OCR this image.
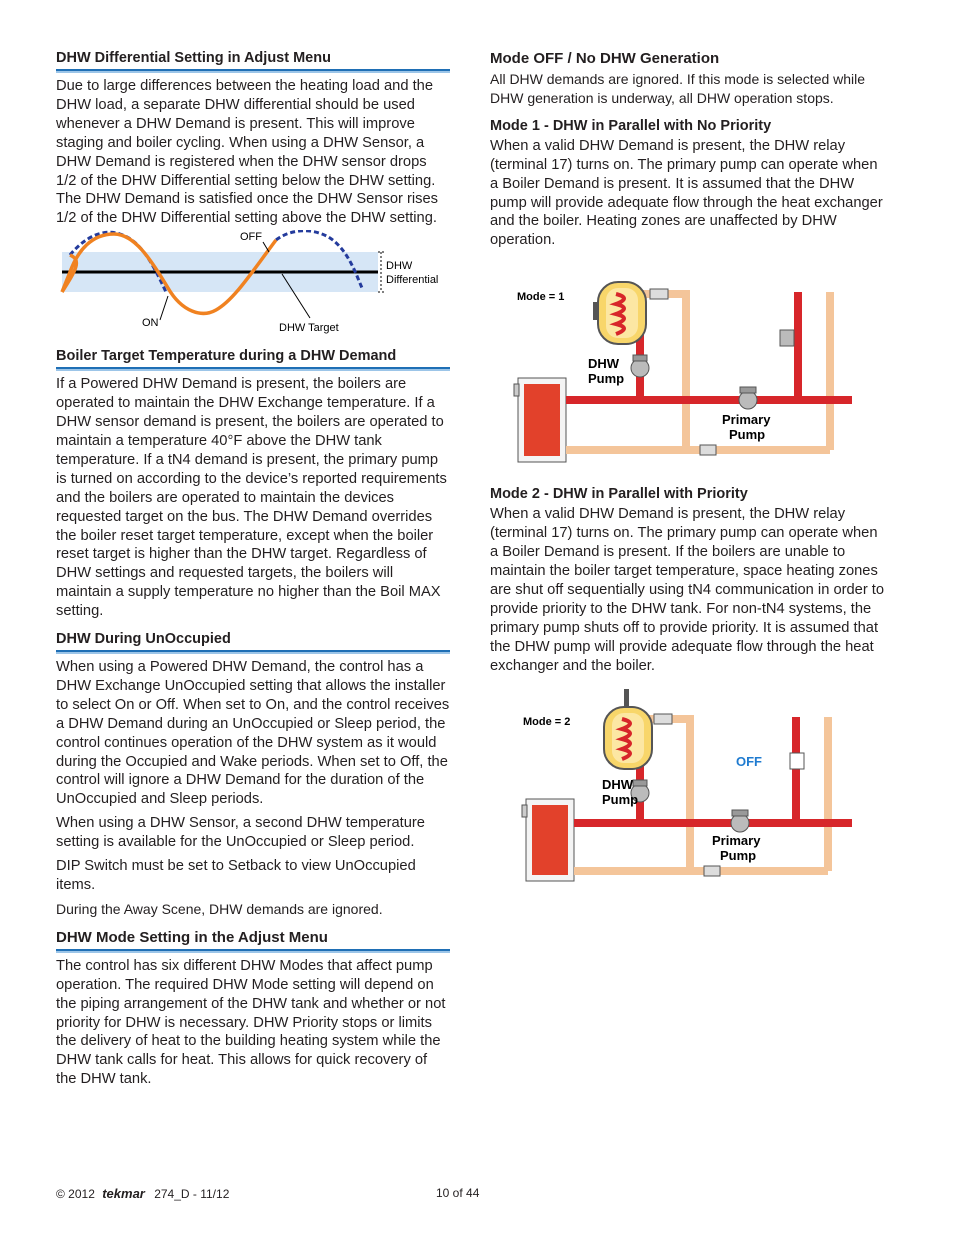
DHW Differential Setting in Adjust Menu

Due to large differences between the heating load and the DHW load, a separate DHW differential should be used whenever a DHW Demand is present. This will improve staging and boiler cycling. When using a DHW Sensor, a DHW Demand is registered when the DHW sensor drops 1/2 of the DHW Differential setting below the DHW setting. The DHW Demand is satisfied once the DHW Sensor rises 1/2 of the DHW Differential setting above the DHW setting.

OFF
ON
DHW
Differential
DHW Target
Boiler Target Temperature during a DHW Demand

If a Powered DHW Demand is present, the boilers are operated to maintain the DHW Exchange temperature. If a DHW sensor demand is present, the boilers are operated to maintain a temperature 40°F above the DHW tank temperature. If a tN4 demand is present, the primary pump is turned on according to the device’s reported requirements and the boilers are operated to maintain the devices requested target on the bus. The DHW Demand overrides the boiler reset target temperature, except when the boiler reset target is higher than the DHW target. Regardless of DHW settings and requested targets, the boilers will maintain a supply temperature no higher than the Boil MAX setting.

DHW During UnOccupied

When using a Powered DHW Demand, the control has a DHW Exchange UnOccupied setting that allows the installer to select On or Off. When set to On, and the control receives a DHW Demand during an UnOccupied or Sleep period, the control continues operation of the DHW system as it would during the Occupied and Wake periods. When set to Off, the control will ignore a DHW Demand for the duration of the UnOccupied and Sleep periods.

When using a DHW Sensor, a second DHW temperature setting is available for the UnOccupied or Sleep period.

DIP Switch must be set to Setback to view UnOccupied items.

During the Away Scene, DHW demands are ignored.

DHW Mode Setting in the Adjust Menu

The control has six different DHW Modes that affect pump operation. The required DHW Mode setting will depend on the piping arrangement of the DHW tank and whether or not priority for DHW is necessary. DHW Priority stops or limits the delivery of heat to the building heating system while the DHW tank calls for heat. This allows for quick recovery of the DHW tank.

Mode OFF / No DHW Generation

All DHW demands are ignored. If this mode is selected while DHW generation is underway, all DHW operation stops.

Mode 1 - DHW in Parallel with No Priority

When a valid DHW Demand is present, the DHW relay (terminal 17) turns on. The primary pump can operate when a Boiler Demand is present. It is assumed that the DHW pump will provide adequate flow through the heat exchanger and the boiler. Heating zones are unaffected by DHW operation.

Mode = 1
DHW
Pump
Primary
Pump
Mode 2 - DHW in Parallel with Priority

When a valid DHW Demand is present, the DHW relay (terminal 17) turns on. The primary pump can operate when a Boiler Demand is present. If the boilers are unable to maintain the boiler target temperature, space heating zones are shut off sequentially using tN4 communication in order to provide priority to the DHW tank. For non-tN4 systems, the primary pump shuts off to provide priority. It is assumed that the DHW pump will provide adequate flow through the heat exchanger and the boiler.

Mode = 2
OFF
DHW
Pump
Primary
Pump
© 2012 tekmar 274_D - 11/12	10 of 44
